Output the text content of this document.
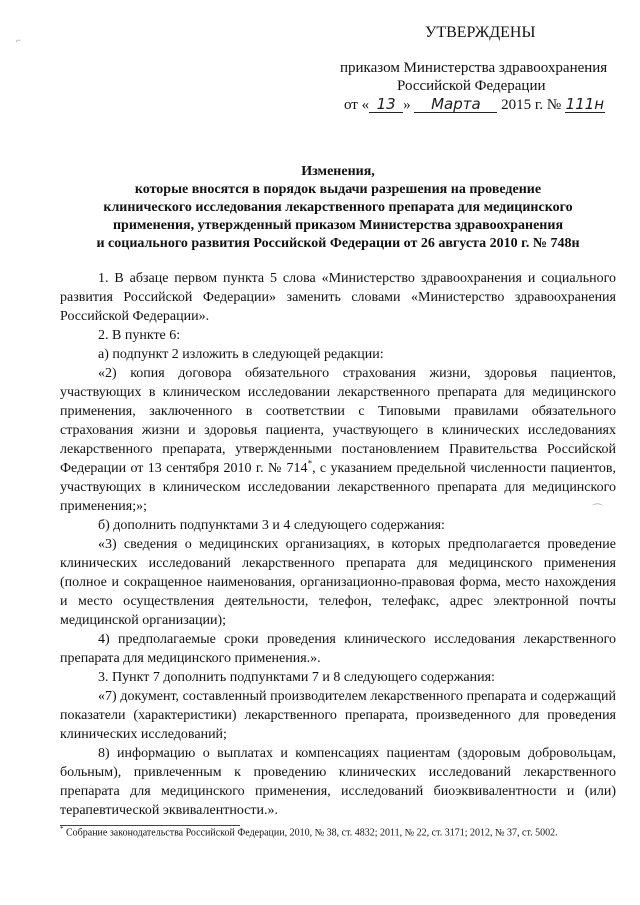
⌐	УТВЕРЖДЕНЫ
приказом Министерства здравоохранения
Российской Федерации
от « 13 » Марта 2015 г. № 111н
Изменения,
которые вносятся в порядок выдачи разрешения на проведение
клинического исследования лекарственного препарата для медицинского
применения, утвержденный приказом Министерства здравоохранения
и социального развития Российской Федерации от 26 августа 2010 г. № 748н

1. В абзаце первом пункта 5 слова «Министерство здравоохранения и социального развития Российской Федерации» заменить словами «Министерство здравоохранения Российской Федерации».

2. В пункте 6:

а) подпункт 2 изложить в следующей редакции:

«2) копия договора обязательного страхования жизни, здоровья пациентов, участвующих в клиническом исследовании лекарственного препарата для медицинского применения, заключенного в соответствии с Типовыми правилами обязательного страхования жизни и здоровья пациента, участвующего в клинических исследованиях лекарственного препарата, утвержденными постановлением Правительства Российской Федерации от 13 сентября 2010 г. № 714*, с указанием предельной численности пациентов, участвующих в клиническом исследовании лекарственного препарата для медицинского применения;»;

б) дополнить подпунктами 3 и 4 следующего содержания:

«3) сведения о медицинских организациях, в которых предполагается проведение клинических исследований лекарственного препарата для медицинского применения (полное и сокращенное наименования, организационно-правовая форма, место нахождения и место осуществления деятельности, телефон, телефакс, адрес электронной почты медицинской организации);

4) предполагаемые сроки проведения клинического исследования лекарственного препарата для медицинского применения.».

3. Пункт 7 дополнить подпунктами 7 и 8 следующего содержания:

«7) документ, составленный производителем лекарственного препарата и содержащий показатели (характеристики) лекарственного препарата, произведенного для проведения клинических исследований;

8) информацию о выплатах и компенсациях пациентам (здоровым добровольцам, больным), привлеченным к проведению клинических исследований лекарственного препарата для медицинского применения, исследований биоэквивалентности и (или) терапевтической эквивалентности.».

⌒
* Собрание законодательства Российской Федерации, 2010, № 38, ст. 4832; 2011, № 22, ст. 3171; 2012, № 37, ст. 5002.
